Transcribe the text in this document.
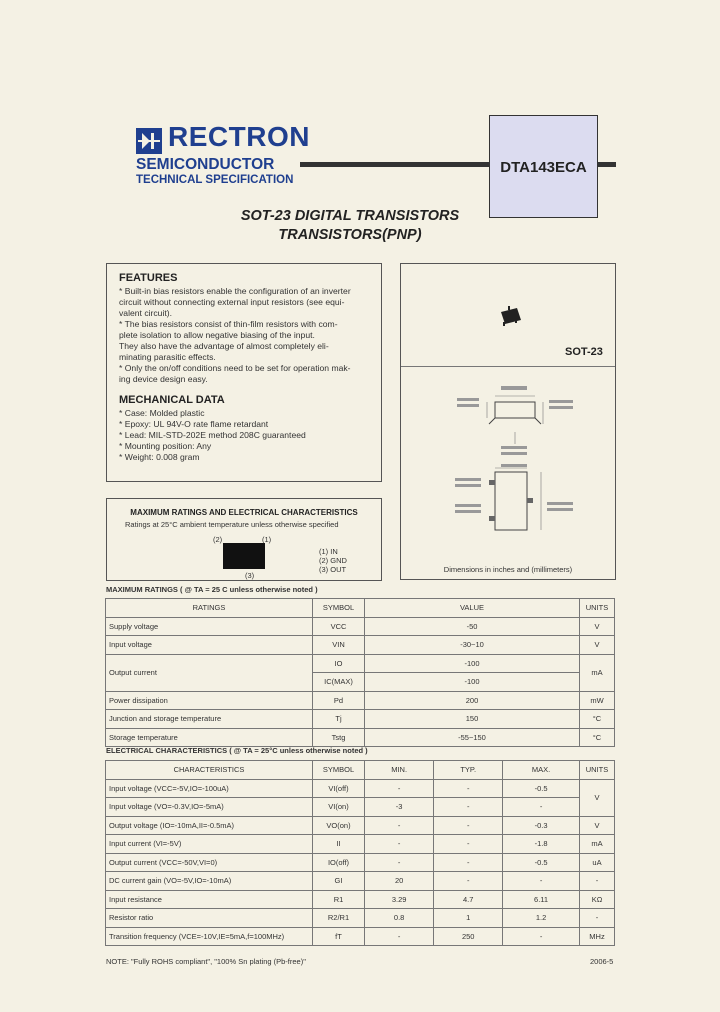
RECTRON
SEMICONDUCTOR
TECHNICAL SPECIFICATION
DTA143ECA
SOT-23 DIGITAL TRANSISTORS
TRANSISTORS(PNP)
FEATURES
* Built-in bias resistors enable the configuration of an inverter
circuit without connecting external input resistors (see equi-
valent circuit).
* The bias resistors consist of thin-film resistors with com-
plete isolation to allow negative biasing of the input.
They also have the advantage of almost completely eli-
minating parasitic effects.
* Only the on/off conditions need to be set for operation mak-
ing device design easy.
MECHANICAL DATA
* Case: Molded plastic
* Epoxy: UL 94V-O rate flame retardant
* Lead: MIL-STD-202E method 208C guaranteed
* Mounting position: Any
* Weight: 0.008 gram
SOT-23
Dimensions in inches and (millimeters)
MAXIMUM RATINGS AND ELECTRICAL CHARACTERISTICS
Ratings at 25°C ambient temperature unless otherwise specified
(2)	(1)
(3)
(1) IN
(2) GND
(3) OUT
MAXIMUM RATINGS ( @ TA = 25 C unless otherwise noted )
RATINGS	SYMBOL	VALUE	UNITS
Supply voltage	VCC	-50	V
Input voltage	VIN	-30~10	V
Output current	IO	-100	mA
	IC(MAX)	-100	
Power dissipation	Pd	200	mW
Junction and storage temperature	Tj	150	°C
Storage temperature	Tstg	-55~150	°C
ELECTRICAL CHARACTERISTICS ( @ TA = 25°C unless otherwise noted )
CHARACTERISTICS	SYMBOL	MIN.	TYP.	MAX.	UNITS
Input voltage (VCC=-5V,IO=-100uA)	VI(off)	-	-	-0.5	V
Input voltage (VO=-0.3V,IO=-5mA)	VI(on)	-3	-	-	
Output voltage (IO=-10mA,II=-0.5mA)	VO(on)	-	-	-0.3	V
Input current (VI=-5V)	II	-	-	-1.8	mA
Output current (VCC=-50V,VI=0)	IO(off)	-	-	-0.5	uA
DC current gain (VO=-5V,IO=-10mA)	GI	20	-	-	-
Input resistance	R1	3.29	4.7	6.11	KΩ
Resistor ratio	R2/R1	0.8	1	1.2	-
Transition frequency (VCE=-10V,IE=5mA,f=100MHz)	fT	-	250	-	MHz
NOTE: "Fully ROHS compliant", "100% Sn plating (Pb-free)"	2006-5
